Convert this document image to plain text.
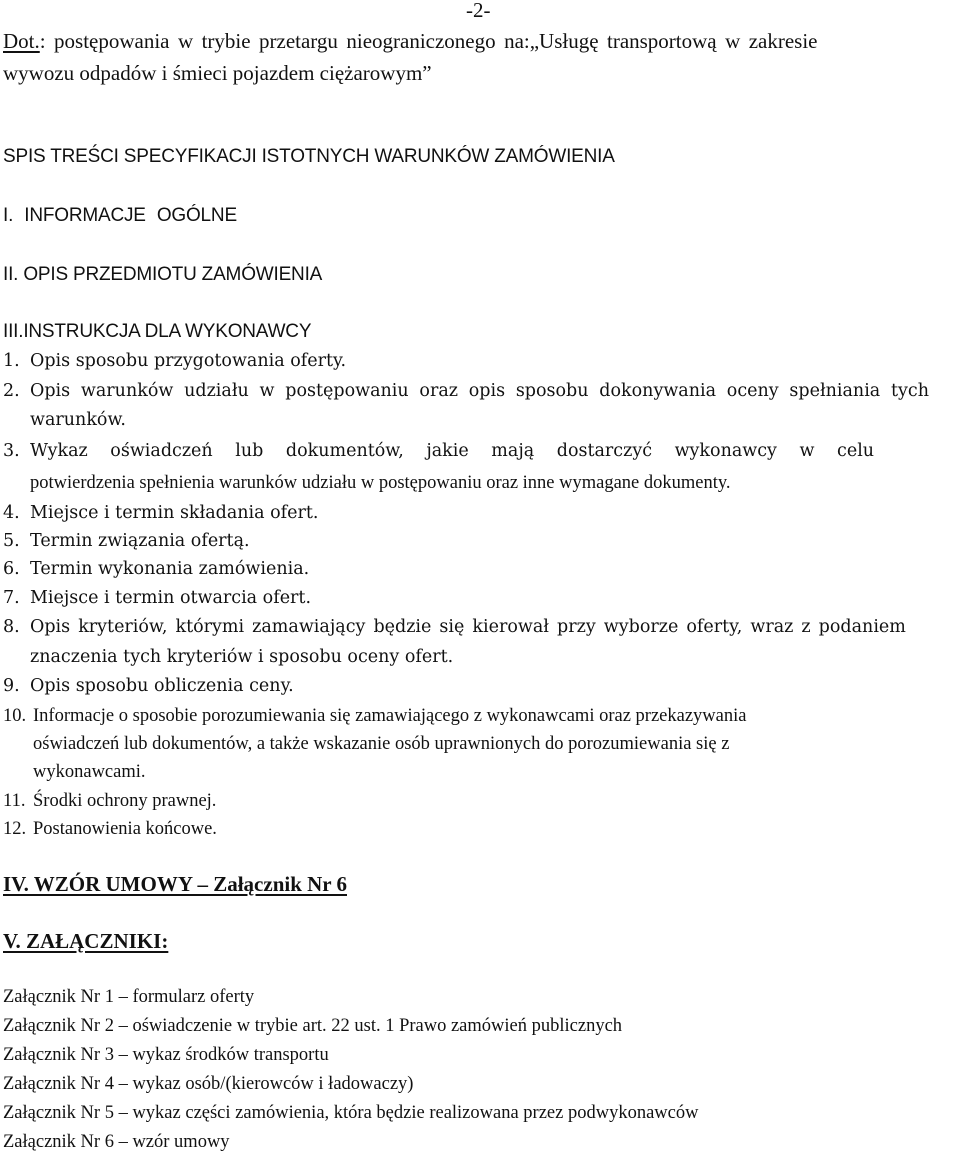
-2-
Dot.: postępowania w trybie przetargu nieograniczonego na:„Usługę transportową w zakresie
wywozu odpadów i śmieci pojazdem ciężarowym”
SPIS TREŚCI SPECYFIKACJI ISTOTNYCH WARUNKÓW ZAMÓWIENIA
I. INFORMACJE OGÓLNE
II. OPIS PRZEDMIOTU ZAMÓWIENIA
III.INSTRUKCJA DLA WYKONAWCY
1. Opis sposobu przygotowania oferty.
2. Opis warunków udziału w postępowaniu oraz opis sposobu dokonywania oceny spełniania tych
warunków.
3. Wykaz oświadczeń lub dokumentów, jakie mają dostarczyć wykonawcy w celu
potwierdzenia spełnienia warunków udziału w postępowaniu oraz inne wymagane dokumenty.
4. Miejsce i termin składania ofert.
5. Termin związania ofertą.
6. Termin wykonania zamówienia.
7. Miejsce i termin otwarcia ofert.
8. Opis kryteriów, którymi zamawiający będzie się kierował przy wyborze oferty, wraz z podaniem
znaczenia tych kryteriów i sposobu oceny ofert.
9. Opis sposobu obliczenia ceny.
10. Informacje o sposobie porozumiewania się zamawiającego z wykonawcami oraz przekazywania
oświadczeń lub dokumentów, a także wskazanie osób uprawnionych do porozumiewania się z
wykonawcami.
11. Środki ochrony prawnej.
12. Postanowienia końcowe.
IV. WZÓR UMOWY – Załącznik Nr 6
V. ZAŁĄCZNIKI:
Załącznik Nr 1 – formularz oferty
Załącznik Nr 2 – oświadczenie w trybie art. 22 ust. 1 Prawo zamówień publicznych
Załącznik Nr 3 – wykaz środków transportu
Załącznik Nr 4 – wykaz osób/(kierowców i ładowaczy)
Załącznik Nr 5 – wykaz części zamówienia, która będzie realizowana przez podwykonawców
Załącznik Nr 6 – wzór umowy
